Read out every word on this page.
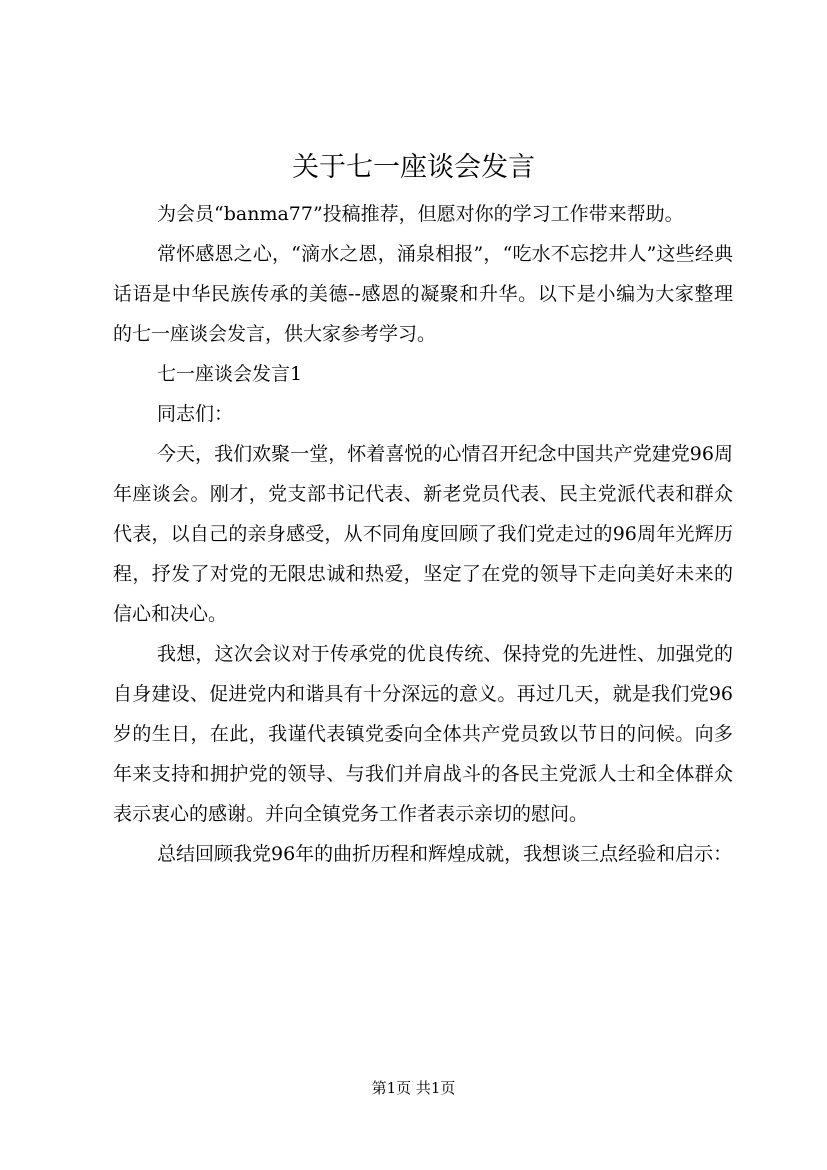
关于七一座谈会发言

为会员“banma77”投稿推荐，但愿对你的学习工作带来帮助。

常怀感恩之心，“滴水之恩，涌泉相报”，“吃水不忘挖井人”这些经典话语是中华民族传承的美德--感恩的凝聚和升华。以下是小编为大家整理的七一座谈会发言，供大家参考学习。

七一座谈会发言1

同志们：

今天，我们欢聚一堂，怀着喜悦的心情召开纪念中国共产党建党96周年座谈会。刚才，党支部书记代表、新老党员代表、民主党派代表和群众代表，以自己的亲身感受，从不同角度回顾了我们党走过的96周年光辉历程，抒发了对党的无限忠诚和热爱，坚定了在党的领导下走向美好未来的信心和决心。

我想，这次会议对于传承党的优良传统、保持党的先进性、加强党的自身建设、促进党内和谐具有十分深远的意义。再过几天，就是我们党96岁的生日，在此，我谨代表镇党委向全体共产党员致以节日的问候。向多年来支持和拥护党的领导、与我们并肩战斗的各民主党派人士和全体群众表示衷心的感谢。并向全镇党务工作者表示亲切的慰问。

总结回顾我党96年的曲折历程和辉煌成就，我想谈三点经验和启示：

第1页 共1页
